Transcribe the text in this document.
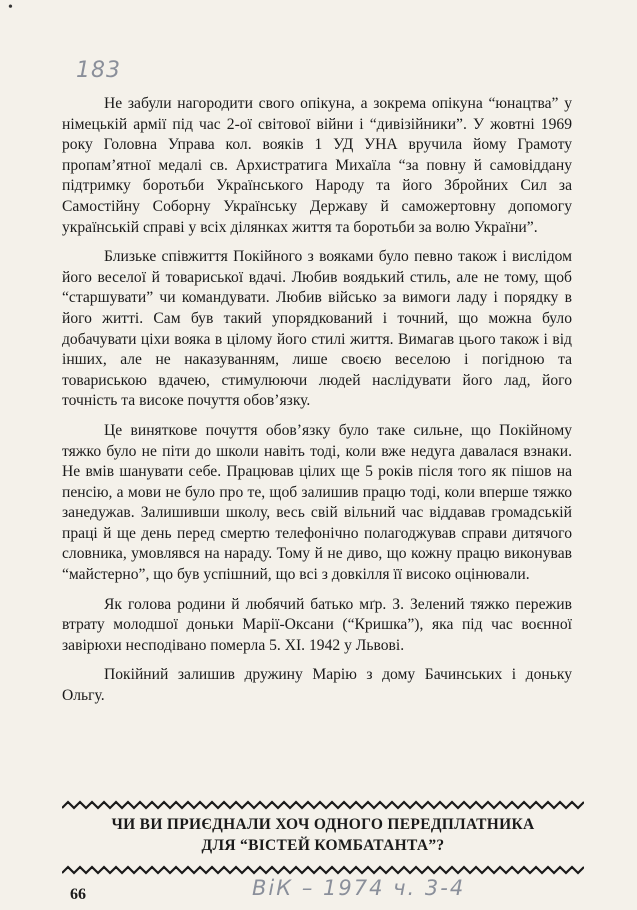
•
183

Не забули нагородити свого опікуна, а зокрема опікуна “юнацтва” у німецькій армії під час 2-ої світової війни і “дивізійники”. У жовтні 1969 року Головна Управа кол. вояків 1 УД УНА вручила йому Грамоту пропам’ятної медалі св. Архистратига Михаїла “за повну й самовіддану підтримку боротьби Українського Народу та його Збройних Сил за Самостійну Соборну Українську Державу й саможертовну допомогу українській справі у всіх ділянках життя та боротьби за волю України”.

Близьке співжиття Покійного з вояками було певно також і вислідом його веселої й товариської вдачі. Любив воядький стиль, але не тому, щоб “старшувати” чи командувати. Любив військо за вимоги ладу і порядку в його житті. Сам був такий упорядкований і точний, що можна було добачувати ціхи вояка в цілому його стилі життя. Вимагав цього також і від інших, але не наказуванням, лише своєю веселою і погідною та товариською вдачею, стимулюючи людей наслідувати його лад, його точність та високе почуття обов’язку.

Це виняткове почуття обов’язку було таке сильне, що Покійному тяжко було не піти до школи навіть тоді, коли вже недуга давалася взнаки. Не вмів шанувати себе. Працював цілих ще 5 років після того як пішов на пенсію, а мови не було про те, щоб залишив працю тоді, коли вперше тяжко занедужав. Залишивши школу, весь свій вільний час віддавав громадській праці й ще день перед смертю телефонічно полагоджував справи дитячого словника, умовлявся на нараду. Тому й не диво, що кожну працю виконував “майстерно”, що був успішний, що всі з довкілля її високо оцінювали.

Як голова родини й любячий батько мґр. З. Зелений тяжко пережив втрату молодшої доньки Марії-Оксани (“Кришка”), яка під час воєнної завірюхи несподівано померла 5. XI. 1942 у Львові.

Покійний залишив дружину Марію з дому Бачинських і доньку Ольгу.

ЧИ ВИ ПРИЄДНАЛИ ХОЧ ОДНОГО ПЕРЕДПЛАТНИКА
ДЛЯ “ВІСТЕЙ КОМБАТАНТА”?
66	ВіК – 1974 ч. 3-4
